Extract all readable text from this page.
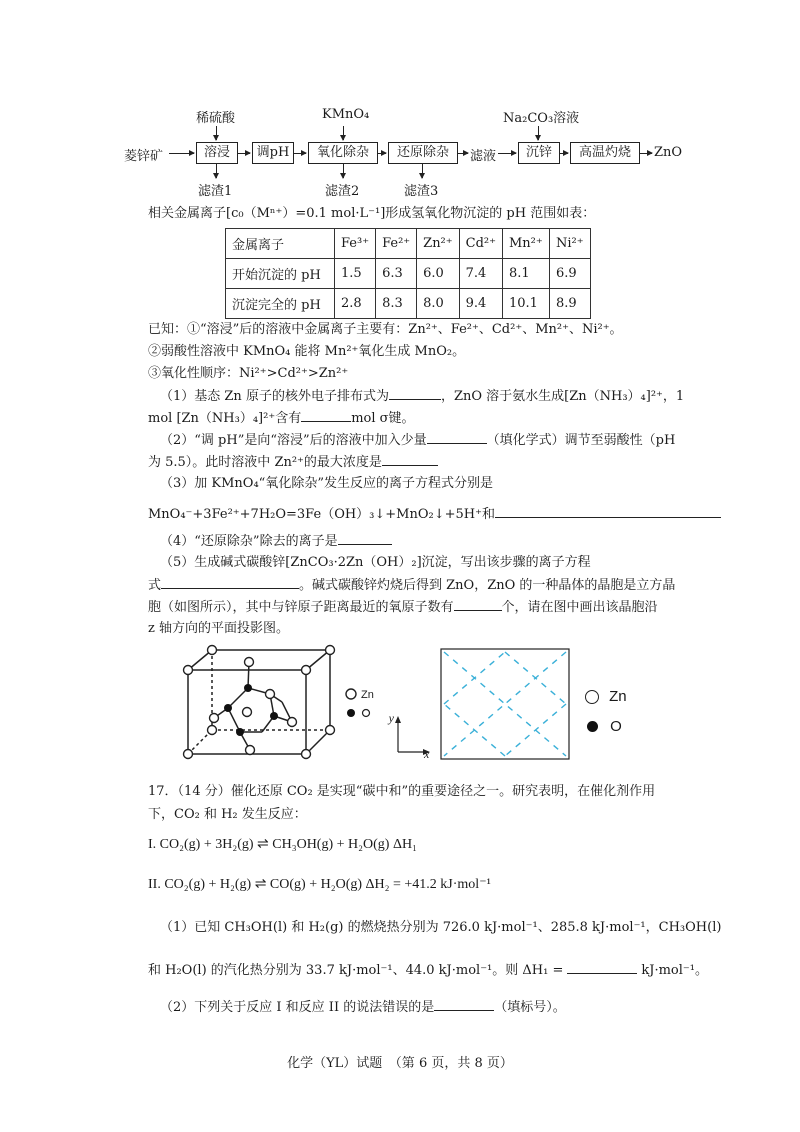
稀硫酸	KMnO₄	Na₂CO₃溶液
菱锌矿	溶浸	调pH	氧化除杂	还原除杂	滤液	沉锌	高温灼烧	ZnO
滤渣1	滤渣2	滤渣3
相关金属离子[c₀（Mⁿ⁺）=0.1 mol·L⁻¹]形成氢氧化物沉淀的 pH 范围如表：
金属离子	Fe³⁺	Fe²⁺	Zn²⁺	Cd²⁺	Mn²⁺	Ni²⁺
开始沉淀的 pH	1.5	6.3	6.0	7.4	8.1	6.9
沉淀完全的 pH	2.8	8.3	8.0	9.4	10.1	8.9
已知：①“溶浸”后的溶液中金属离子主要有：Zn²⁺、Fe²⁺、Cd²⁺、Mn²⁺、Ni²⁺。
②弱酸性溶液中 KMnO₄ 能将 Mn²⁺氧化生成 MnO₂。
③氧化性顺序：Ni²⁺>Cd²⁺>Zn²⁺
（1）基态 Zn 原子的核外电子排布式为	，ZnO 溶于氨水生成[Zn（NH₃）₄]²⁺，1
mol [Zn（NH₃）₄]²⁺含有	mol σ键。
（2）“调 pH”是向“溶浸”后的溶液中加入少量	（填化学式）调节至弱酸性（pH
为 5.5）。此时溶液中 Zn²⁺的最大浓度是
（3）加 KMnO₄“氧化除杂”发生反应的离子方程式分别是
MnO₄⁻+3Fe²⁺+7H₂O=3Fe（OH）₃↓+MnO₂↓+5H⁺和
（4）“还原除杂”除去的离子是
（5）生成碱式碳酸锌[ZnCO₃·2Zn（OH）₂]沉淀，写出该步骤的离子方程
式	。碱式碳酸锌灼烧后得到 ZnO，ZnO 的一种晶体的晶胞是立方晶
胞（如图所示），其中与锌原子距离最近的氧原子数有	个，请在图中画出该晶胞沿
z 轴方向的平面投影图。
Zn
y
x
Zn
O
17．（14 分）催化还原 CO₂ 是实现“碳中和”的重要途径之一。研究表明，在催化剂作用
下，CO₂ 和 H₂ 发生反应：
I. CO₂(g) + 3H₂(g) ⇌ CH₃OH(g) + H₂O(g) ΔH₁
II. CO₂(g) + H₂(g) ⇌ CO(g) + H₂O(g) ΔH₂ = +41.2 kJ·mol⁻¹
（1）已知 CH₃OH(l) 和 H₂(g) 的燃烧热分别为 726.0 kJ·mol⁻¹、285.8 kJ·mol⁻¹，CH₃OH(l)
和 H₂O(l) 的汽化热分别为 33.7 kJ·mol⁻¹、44.0 kJ·mol⁻¹。则 ΔH₁ =	kJ·mol⁻¹。
（2）下列关于反应 I 和反应 II 的说法错误的是	（填标号）。
化学（YL）试题　（第 6 页，共 8 页）
